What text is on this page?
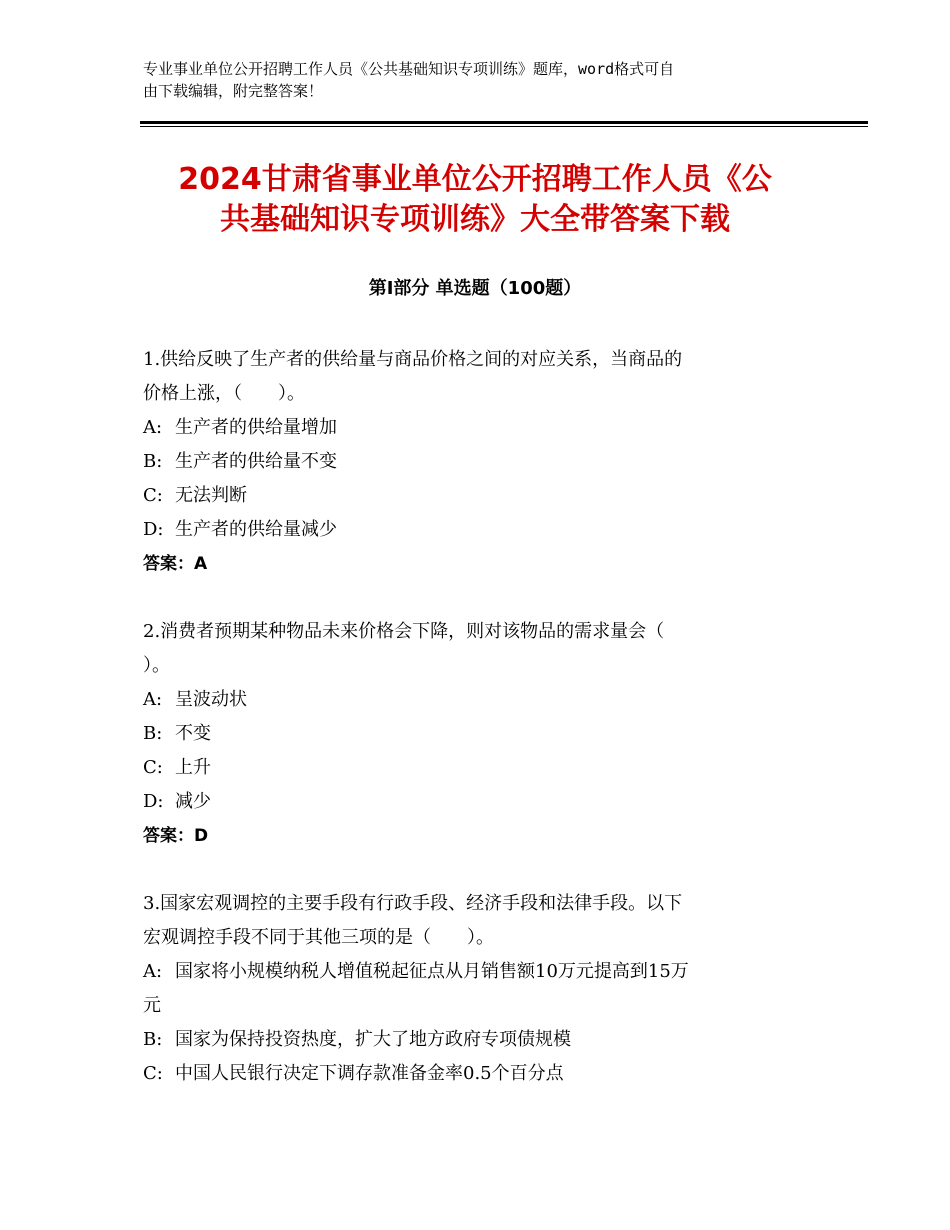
专业事业单位公开招聘工作人员《公共基础知识专项训练》题库，word格式可自
由下载编辑，附完整答案！
2024甘肃省事业单位公开招聘工作人员《公
共基础知识专项训练》大全带答案下载
第Ⅰ部分 单选题（100题）
1.供给反映了生产者的供给量与商品价格之间的对应关系，当商品的
价格上涨，（　　）。
A: 生产者的供给量增加
B: 生产者的供给量不变
C: 无法判断
D: 生产者的供给量减少
答案：A
2.消费者预期某种物品未来价格会下降，则对该物品的需求量会（
）。
A: 呈波动状
B: 不变
C: 上升
D: 减少
答案：D
3.国家宏观调控的主要手段有行政手段、经济手段和法律手段。以下
宏观调控手段不同于其他三项的是（　　）。
A: 国家将小规模纳税人增值税起征点从月销售额10万元提高到15万
元
B: 国家为保持投资热度，扩大了地方政府专项债规模
C: 中国人民银行决定下调存款准备金率0.5个百分点
